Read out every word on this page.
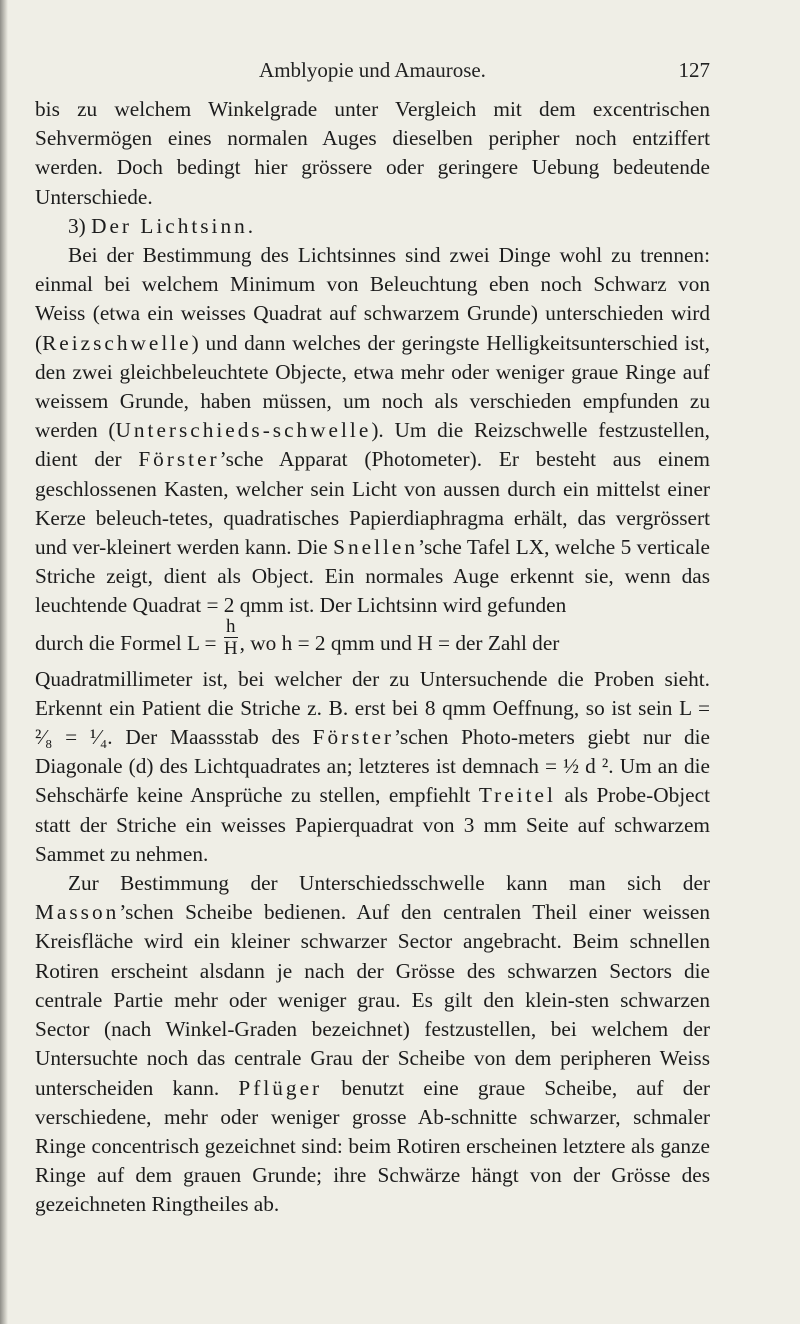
Amblyopie und Amaurose.	127

bis zu welchem Winkelgrade unter Vergleich mit dem excentrischen Sehvermögen eines normalen Auges dieselben peripher noch entziffert werden. Doch bedingt hier grössere oder geringere Uebung bedeutende Unterschiede.

3) Der Lichtsinn.

Bei der Bestimmung des Lichtsinnes sind zwei Dinge wohl zu trennen: einmal bei welchem Minimum von Beleuchtung eben noch Schwarz von Weiss (etwa ein weisses Quadrat auf schwarzem Grunde) unterschieden wird (Reizschwelle) und dann welches der geringste Helligkeitsunterschied ist, den zwei gleichbeleuchtete Objecte, etwa mehr oder weniger graue Ringe auf weissem Grunde, haben müssen, um noch als verschieden empfunden zu werden (Unterschieds-schwelle). Um die Reizschwelle festzustellen, dient der Förster’sche Apparat (Photometer). Er besteht aus einem geschlossenen Kasten, welcher sein Licht von aussen durch ein mittelst einer Kerze beleuch-tetes, quadratisches Papierdiaphragma erhält, das vergrössert und ver-kleinert werden kann. Die Snellen’sche Tafel LX, welche 5 verticale Striche zeigt, dient als Object. Ein normales Auge erkennt sie, wenn das leuchtende Quadrat = 2 qmm ist. Der Lichtsinn wird gefunden

durch die Formel $L = \frac{h}{H}$ , wo h = 2 qmm und H = der Zahl der

Quadratmillimeter ist, bei welcher der zu Untersuchende die Proben sieht. Erkennt ein Patient die Striche z. B. erst bei 8 qmm Oeffnung, so ist sein L = ²⁄₈ = ¹⁄₄. Der Maassstab des Förster’schen Photo-meters giebt nur die Diagonale (d) des Lichtquadrates an; letzteres ist demnach = ½ d ². Um an die Sehschärfe keine Ansprüche zu stellen, empfiehlt Treitel als Probe-Object statt der Striche ein weisses Papierquadrat von 3 mm Seite auf schwarzem Sammet zu nehmen.

Zur Bestimmung der Unterschiedsschwelle kann man sich der Masson’schen Scheibe bedienen. Auf den centralen Theil einer weissen Kreisfläche wird ein kleiner schwarzer Sector angebracht. Beim schnellen Rotiren erscheint alsdann je nach der Grösse des schwarzen Sectors die centrale Partie mehr oder weniger grau. Es gilt den klein-sten schwarzen Sector (nach Winkel-Graden bezeichnet) festzustellen, bei welchem der Untersuchte noch das centrale Grau der Scheibe von dem peripheren Weiss unterscheiden kann. Pflüger benutzt eine graue Scheibe, auf der verschiedene, mehr oder weniger grosse Ab-schnitte schwarzer, schmaler Ringe concentrisch gezeichnet sind: beim Rotiren erscheinen letztere als ganze Ringe auf dem grauen Grunde; ihre Schwärze hängt von der Grösse des gezeichneten Ringtheiles ab.
